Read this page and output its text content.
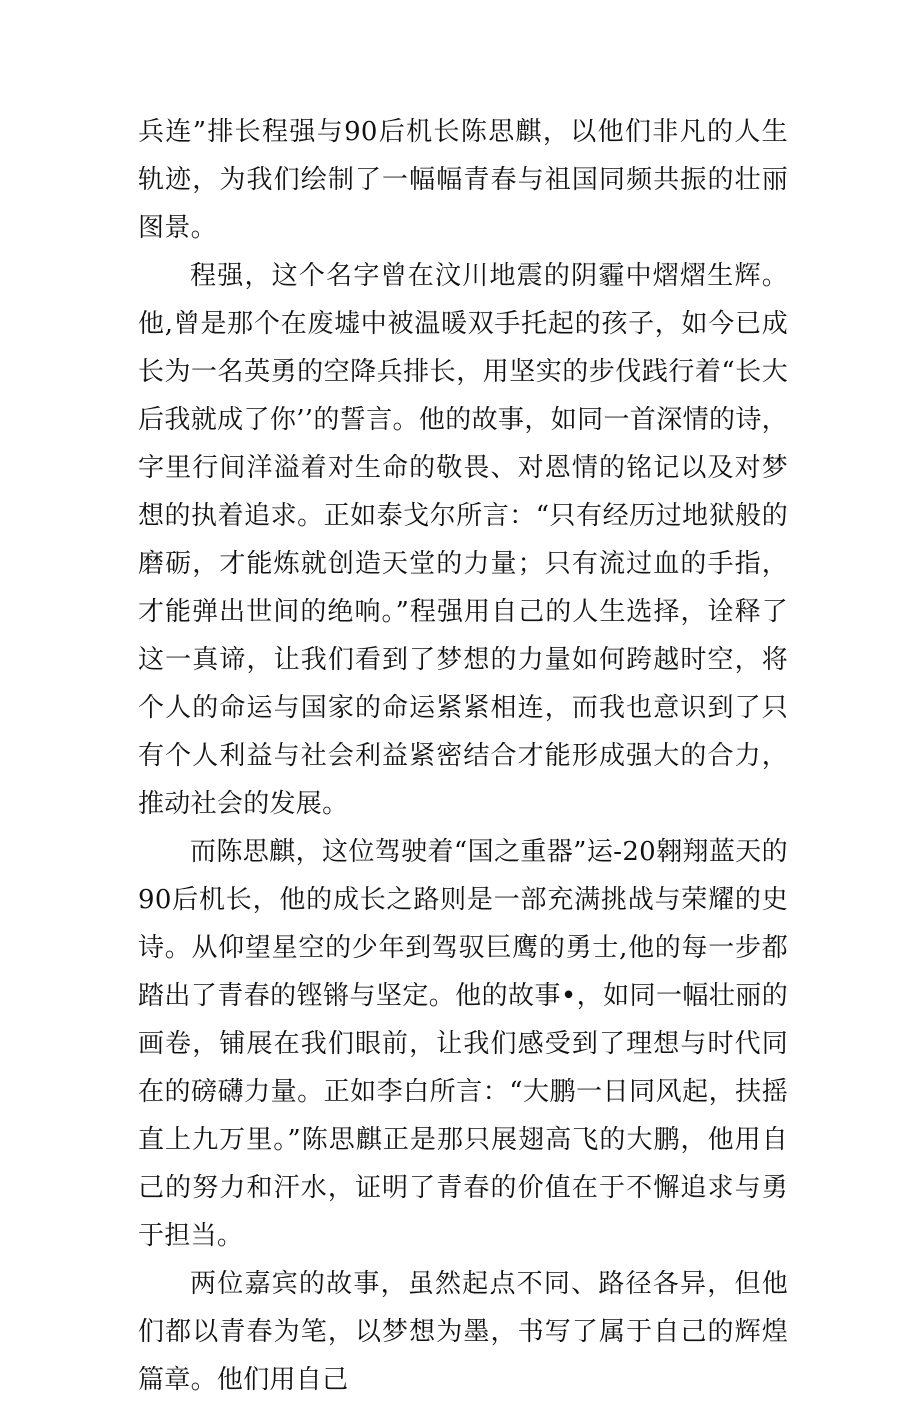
兵连”排长程强与90后机长陈思麒，以他们非凡的人生轨迹，为我们绘制了一幅幅青春与祖国同频共振的壮丽图景。

程强，这个名字曾在汶川地震的阴霾中熠熠生辉。他,曾是那个在废墟中被温暖双手托起的孩子，如今已成长为一名英勇的空降兵排长，用坚实的步伐践行着“长大后我就成了你’’的誓言。他的故事，如同一首深情的诗，字里行间洋溢着对生命的敬畏、对恩情的铭记以及对梦想的执着追求。正如泰戈尔所言：“只有经历过地狱般的磨砺，才能炼就创造天堂的力量；只有流过血的手指，才能弹出世间的绝响。”程强用自己的人生选择，诠释了这一真谛，让我们看到了梦想的力量如何跨越时空，将个人的命运与国家的命运紧紧相连，而我也意识到了只有个人利益与社会利益紧密结合才能形成强大的合力，推动社会的发展。

而陈思麒，这位驾驶着“国之重器”运-20翱翔蓝天的90后机长，他的成长之路则是一部充满挑战与荣耀的史诗。从仰望星空的少年到驾驭巨鹰的勇士,他的每一步都踏出了青春的铿锵与坚定。他的故事•，如同一幅壮丽的画卷，铺展在我们眼前，让我们感受到了理想与时代同在的磅礴力量。正如李白所言：“大鹏一日同风起，扶摇直上九万里。”陈思麒正是那只展翅高飞的大鹏，他用自己的努力和汗水，证明了青春的价值在于不懈追求与勇于担当。

两位嘉宾的故事，虽然起点不同、路径各异，但他们都以青春为笔，以梦想为墨，书写了属于自己的辉煌篇章。他们用自己
